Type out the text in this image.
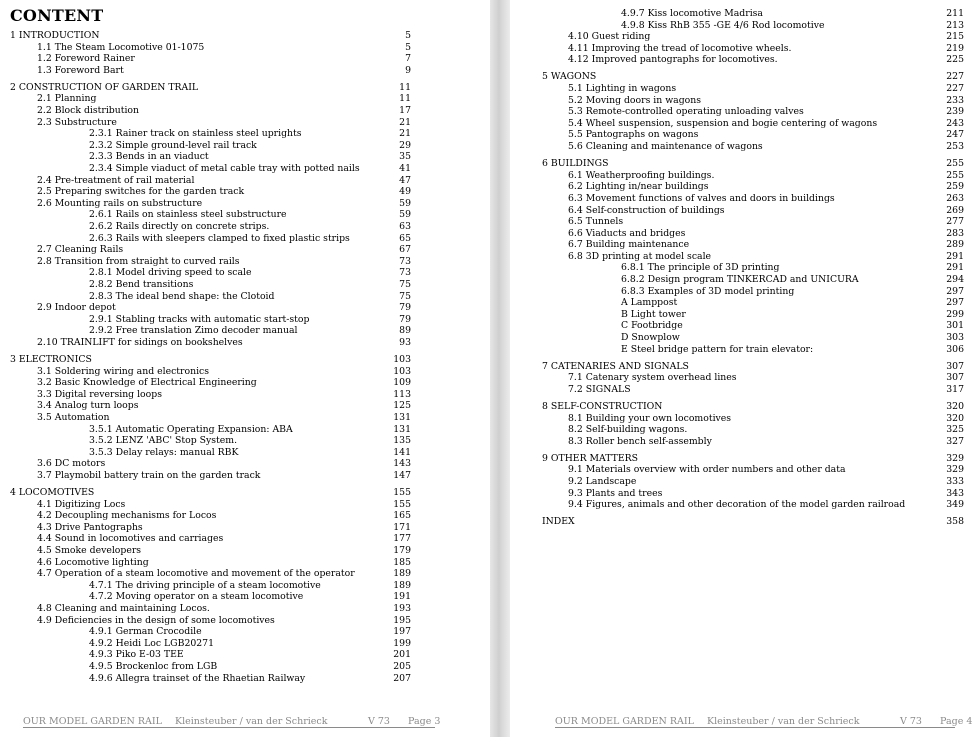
CONTENT
1 INTRODUCTION	5
1.1 The Steam Locomotive 01-1075	5
1.2 Foreword Rainer	7
1.3 Foreword Bart	9
2 CONSTRUCTION OF GARDEN TRAIL	11
2.1 Planning	11
2.2 Block distribution	17
2.3 Substructure	21
2.3.1 Rainer track on stainless steel uprights	21
2.3.2 Simple ground-level rail track	29
2.3.3 Bends in an viaduct	35
2.3.4 Simple viaduct of metal cable tray with potted nails	41
2.4 Pre-treatment of rail material	47
2.5 Preparing switches for the garden track	49
2.6 Mounting rails on substructure	59
2.6.1 Rails on stainless steel substructure	59
2.6.2 Rails directly on concrete strips.	63
2.6.3 Rails with sleepers clamped to fixed plastic strips	65
2.7 Cleaning Rails	67
2.8 Transition from straight to curved rails	73
2.8.1 Model driving speed to scale	73
2.8.2 Bend transitions	75
2.8.3 The ideal bend shape: the Clotoid	75
2.9 Indoor depot	79
2.9.1 Stabling tracks with automatic start-stop	79
2.9.2 Free translation Zimo decoder manual	89
2.10 TRAINLIFT for sidings on bookshelves	93
3 ELECTRONICS	103
3.1 Soldering wiring and electronics	103
3.2 Basic Knowledge of Electrical Engineering	109
3.3 Digital reversing loops	113
3.4 Analog turn loops	125
3.5 Automation	131
3.5.1 Automatic Operating Expansion: ABA	131
3.5.2 LENZ 'ABC' Stop System.	135
3.5.3 Delay relays: manual RBK	141
3.6 DC motors	143
3.7 Playmobil battery train on the garden track	147
4 LOCOMOTIVES	155
4.1 Digitizing Locs	155
4.2 Decoupling mechanisms for Locos	165
4.3 Drive Pantographs	171
4.4 Sound in locomotives and carriages	177
4.5 Smoke developers	179
4.6 Locomotive lighting	185
4.7 Operation of a steam locomotive and movement of the operator	189
4.7.1 The driving principle of a steam locomotive	189
4.7.2 Moving operator on a steam locomotive	191
4.8 Cleaning and maintaining Locos.	193
4.9 Deficiencies in the design of some locomotives	195
4.9.1 German Crocodile	197
4.9.2 Heidi Loc LGB20271	199
4.9.3 Piko E-03 TEE	201
4.9.5 Brockenloc from LGB	205
4.9.6 Allegra trainset of the Rhaetian Railway	207
OUR MODEL GARDEN RAIL Kleinsteuber / van der Schrieck	V 73 Page 3
4.9.7 Kiss locomotive Madrisa	211
4.9.8 Kiss RhB 355 -GE 4/6 Rod locomotive	213
4.10 Guest riding	215
4.11 Improving the tread of locomotive wheels.	219
4.12 Improved pantographs for locomotives.	225
5 WAGONS	227
5.1 Lighting in wagons	227
5.2 Moving doors in wagons	233
5.3 Remote-controlled operating unloading valves	239
5.4 Wheel suspension, suspension and bogie centering of wagons	243
5.5 Pantographs on wagons	247
5.6 Cleaning and maintenance of wagons	253
6 BUILDINGS	255
6.1 Weatherproofing buildings.	255
6.2 Lighting in/near buildings	259
6.3 Movement functions of valves and doors in buildings	263
6.4 Self-construction of buildings	269
6.5 Tunnels	277
6.6 Viaducts and bridges	283
6.7 Building maintenance	289
6.8 3D printing at model scale	291
6.8.1 The principle of 3D printing	291
6.8.2 Design program TINKERCAD and UNICURA	294
6.8.3 Examples of 3D model printing	297
A Lamppost	297
B Light tower	299
C Footbridge	301
D Snowplow	303
E Steel bridge pattern for train elevator:	306
7 CATENARIES AND SIGNALS	307
7.1 Catenary system overhead lines	307
7.2 SIGNALS	317
8 SELF-CONSTRUCTION	320
8.1 Building your own locomotives	320
8.2 Self-building wagons.	325
8.3 Roller bench self-assembly	327
9 OTHER MATTERS	329
9.1 Materials overview with order numbers and other data	329
9.2 Landscape	333
9.3 Plants and trees	343
9.4 Figures, animals and other decoration of the model garden railroad	349
INDEX	358
OUR MODEL GARDEN RAIL Kleinsteuber / van der Schrieck	V 73 Page 4
